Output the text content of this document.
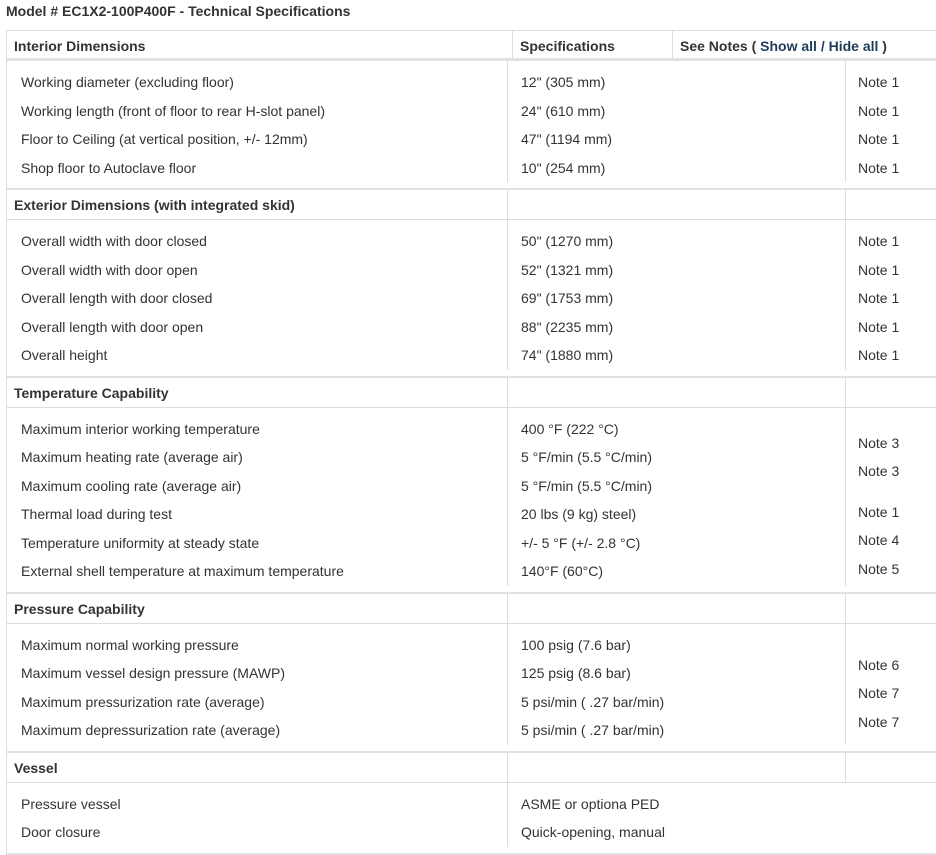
Model # EC1X2-100P400F - Technical Specifications
Interior Dimensions	Specifications	See Notes ( Show all / Hide all )
Working diameter (excluding floor)
Working length (front of floor to rear H-slot panel)
Floor to Ceiling (at vertical position, +/- 12mm)
Shop floor to Autoclave floor
12" (305 mm)
24" (610 mm)
47" (1194 mm)
10" (254 mm)
Note 1
Note 1
Note 1
Note 1
Exterior Dimensions (with integrated skid)
Overall width with door closed
Overall width with door open
Overall length with door closed
Overall length with door open
Overall height
50" (1270 mm)
52" (1321 mm)
69" (1753 mm)
88" (2235 mm)
74" (1880 mm)
Note 1
Note 1
Note 1
Note 1
Note 1
Temperature Capability
Maximum interior working temperature
Maximum heating rate (average air)
Maximum cooling rate (average air)
Thermal load during test
Temperature uniformity at steady state
External shell temperature at maximum temperature
400 °F (222 °C)
5 °F/min (5.5 °C/min)
5 °F/min (5.5 °C/min)
20 lbs (9 kg) steel)
+/- 5 °F (+/- 2.8 °C)
140°F (60°C)
Note 3
Note 3
Note 1
Note 4
Note 5
Pressure Capability
Maximum normal working pressure
Maximum vessel design pressure (MAWP)
Maximum pressurization rate (average)
Maximum depressurization rate (average)
100 psig (7.6 bar)
125 psig (8.6 bar)
5 psi/min ( .27 bar/min)
5 psi/min ( .27 bar/min)
Note 6
Note 7
Note 7
Vessel
Pressure vessel
Door closure
ASME or optiona PED
Quick-opening, manual
